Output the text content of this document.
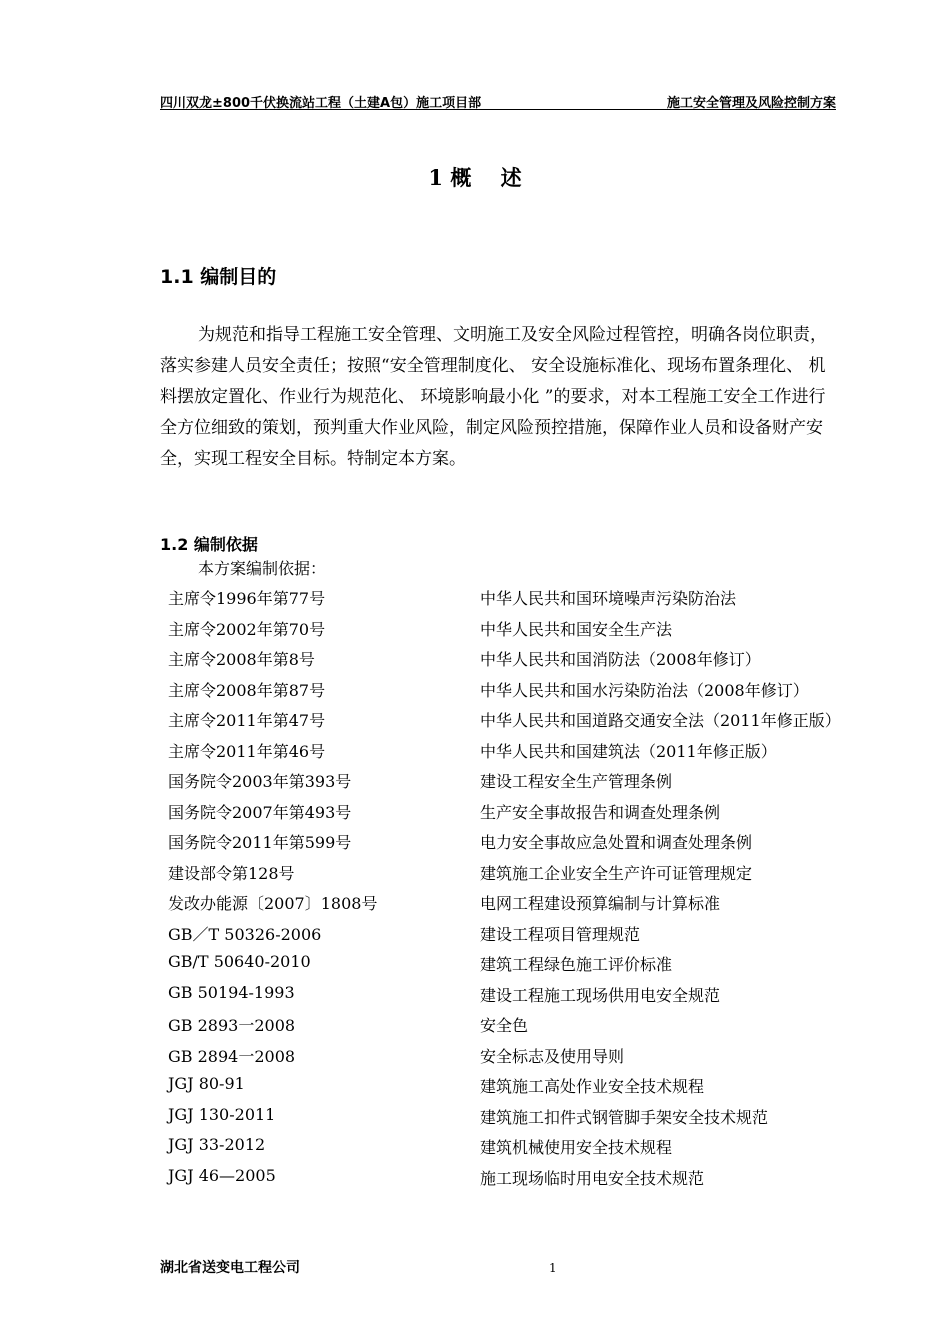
四川双龙±800千伏换流站工程（土建A包）施工项目部	施工安全管理及风险控制方案
1 概    述
1.1 编制目的

为规范和指导工程施工安全管理、文明施工及安全风险过程管控，明确各岗位职责，落实参建人员安全责任；按照“安全管理制度化、 安全设施标准化、现场布置条理化、 机料摆放定置化、作业行为规范化、 环境影响最小化 ”的要求，对本工程施工安全工作进行全方位细致的策划，预判重大作业风险，制定风险预控措施，保障作业人员和设备财产安全，实现工程安全目标。特制定本方案。

1.2 编制依据
本方案编制依据：
主席令1996年第77号	中华人民共和国环境噪声污染防治法
主席令2002年第70号	中华人民共和国安全生产法
主席令2008年第8号	中华人民共和国消防法（2008年修订）
主席令2008年第87号	中华人民共和国水污染防治法（2008年修订）
主席令2011年第47号	中华人民共和国道路交通安全法（2011年修正版）
主席令2011年第46号	中华人民共和国建筑法（2011年修正版）
国务院令2003年第393号	建设工程安全生产管理条例
国务院令2007年第493号	生产安全事故报告和调查处理条例
国务院令2011年第599号	电力安全事故应急处置和调查处理条例
建设部令第128号	建筑施工企业安全生产许可证管理规定
发改办能源〔2007〕1808号	电网工程建设预算编制与计算标准
GB／T 50326-2006	建设工程项目管理规范
GB/T 50640-2010	建筑工程绿色施工评价标准
GB 50194-1993	建设工程施工现场供用电安全规范
GB 2893一2008	安全色
GB 2894一2008	安全标志及使用导则
JGJ 80-91	建筑施工高处作业安全技术规程
JGJ 130-2011	建筑施工扣件式钢管脚手架安全技术规范
JGJ 33-2012	建筑机械使用安全技术规程
JGJ 46—2005	施工现场临时用电安全技术规范
湖北省送变电工程公司	1
